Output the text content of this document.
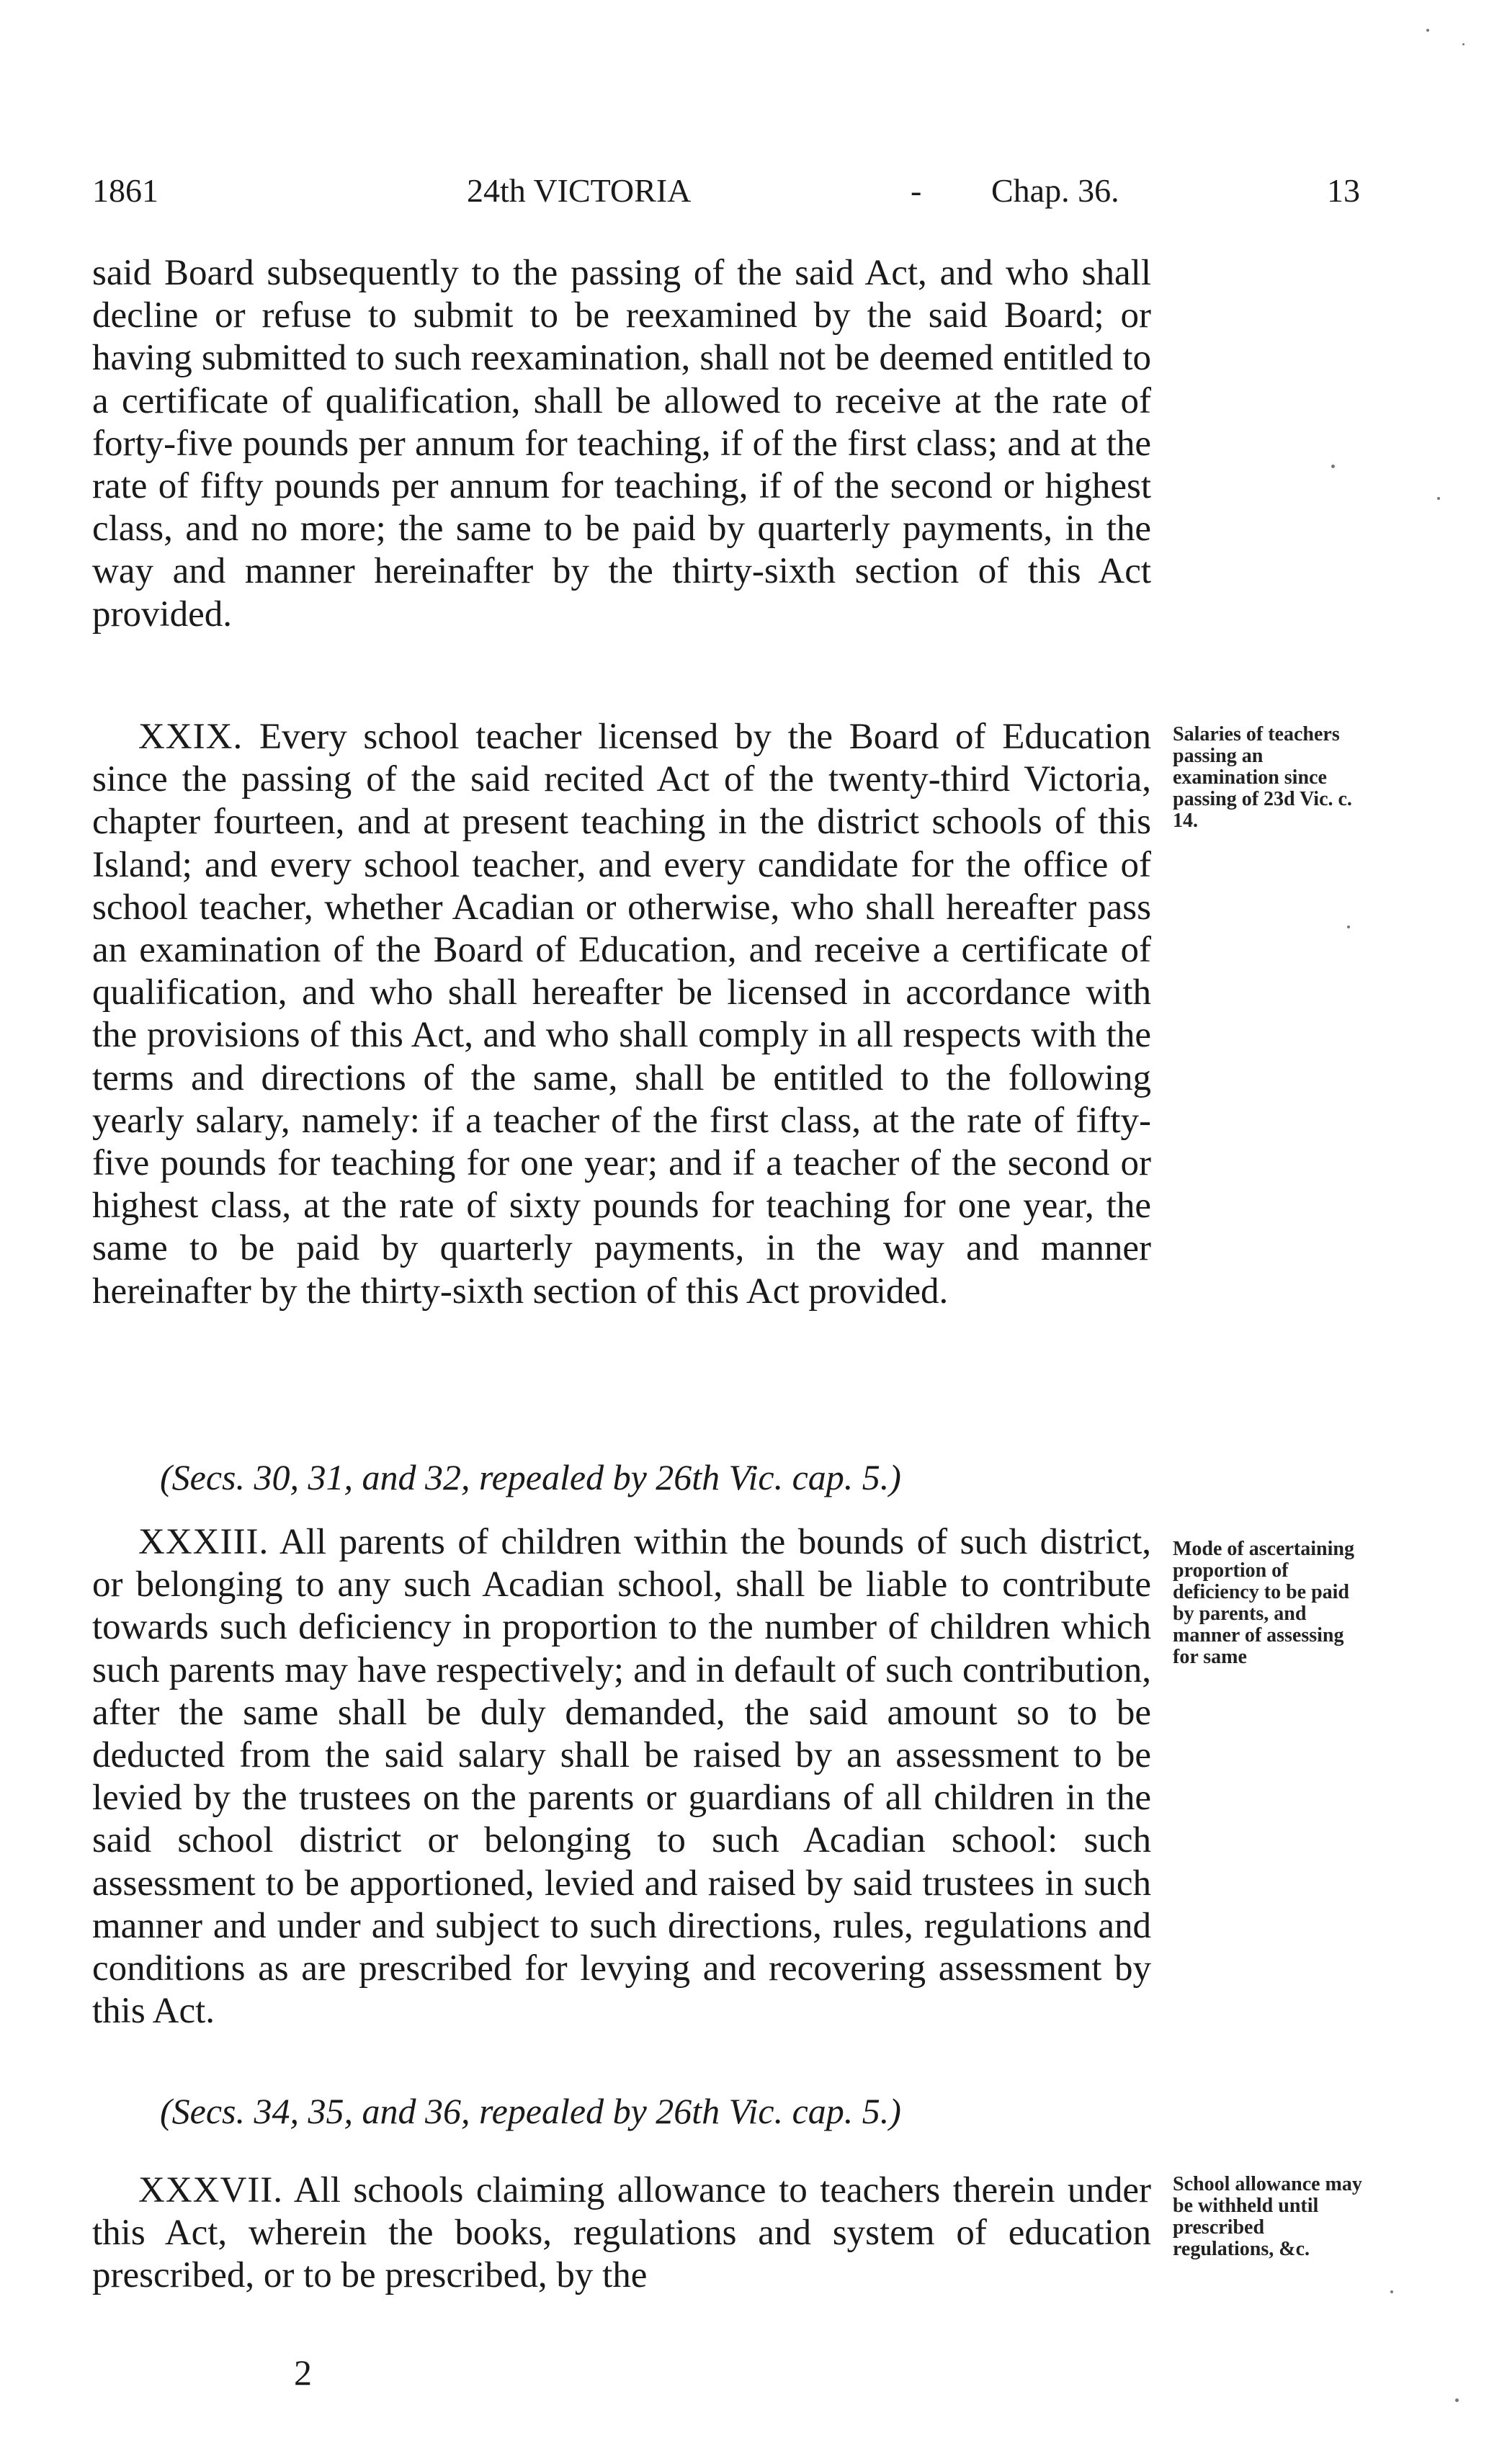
1861	24th VICTORIA	- Chap. 36.	13

said Board subsequently to the passing of the said Act, and who shall decline or refuse to submit to be reexamined by the said Board; or having submitted to such reexamination, shall not be deemed entitled to a certificate of qualification, shall be allowed to receive at the rate of forty-five pounds per annum for teaching, if of the first class; and at the rate of fifty pounds per annum for teaching, if of the second or highest class, and no more; the same to be paid by quarterly payments, in the way and manner hereinafter by the thirty-sixth section of this Act provided.

XXIX. Every school teacher licensed by the Board of Education since the passing of the said recited Act of the twenty-third Victoria, chapter fourteen, and at present teaching in the district schools of this Island; and every school teacher, and every candidate for the office of school teacher, whether Acadian or otherwise, who shall hereafter pass an examination of the Board of Education, and receive a certificate of qualification, and who shall hereafter be licensed in accordance with the provisions of this Act, and who shall comply in all respects with the terms and directions of the same, shall be entitled to the following yearly salary, namely: if a teacher of the first class, at the rate of fifty-five pounds for teaching for one year; and if a teacher of the second or highest class, at the rate of sixty pounds for teaching for one year, the same to be paid by quarterly payments, in the way and manner hereinafter by the thirty-sixth section of this Act provided.

(Secs. 30, 31, and 32, repealed by 26th Vic. cap. 5.)

XXXIII. All parents of children within the bounds of such district, or belonging to any such Acadian school, shall be liable to contribute towards such deficiency in proportion to the number of children which such parents may have respectively; and in default of such contribution, after the same shall be duly demanded, the said amount so to be deducted from the said salary shall be raised by an assessment to be levied by the trustees on the parents or guardians of all children in the said school district or belonging to such Acadian school: such assessment to be apportioned, levied and raised by said trustees in such manner and under and subject to such directions, rules, regulations and conditions as are prescribed for levying and recovering assessment by this Act.

(Secs. 34, 35, and 36, repealed by 26th Vic. cap. 5.)

XXXVII. All schools claiming allowance to teachers therein under this Act, wherein the books, regulations and system of education prescribed, or to be prescribed, by the

Salaries of teachers passing an examination since passing of 23d Vic. c. 14.
Mode of ascertaining proportion of deficiency to be paid by parents, and manner of assessing for same
School allowance may be withheld until prescribed regulations, &c.
2
